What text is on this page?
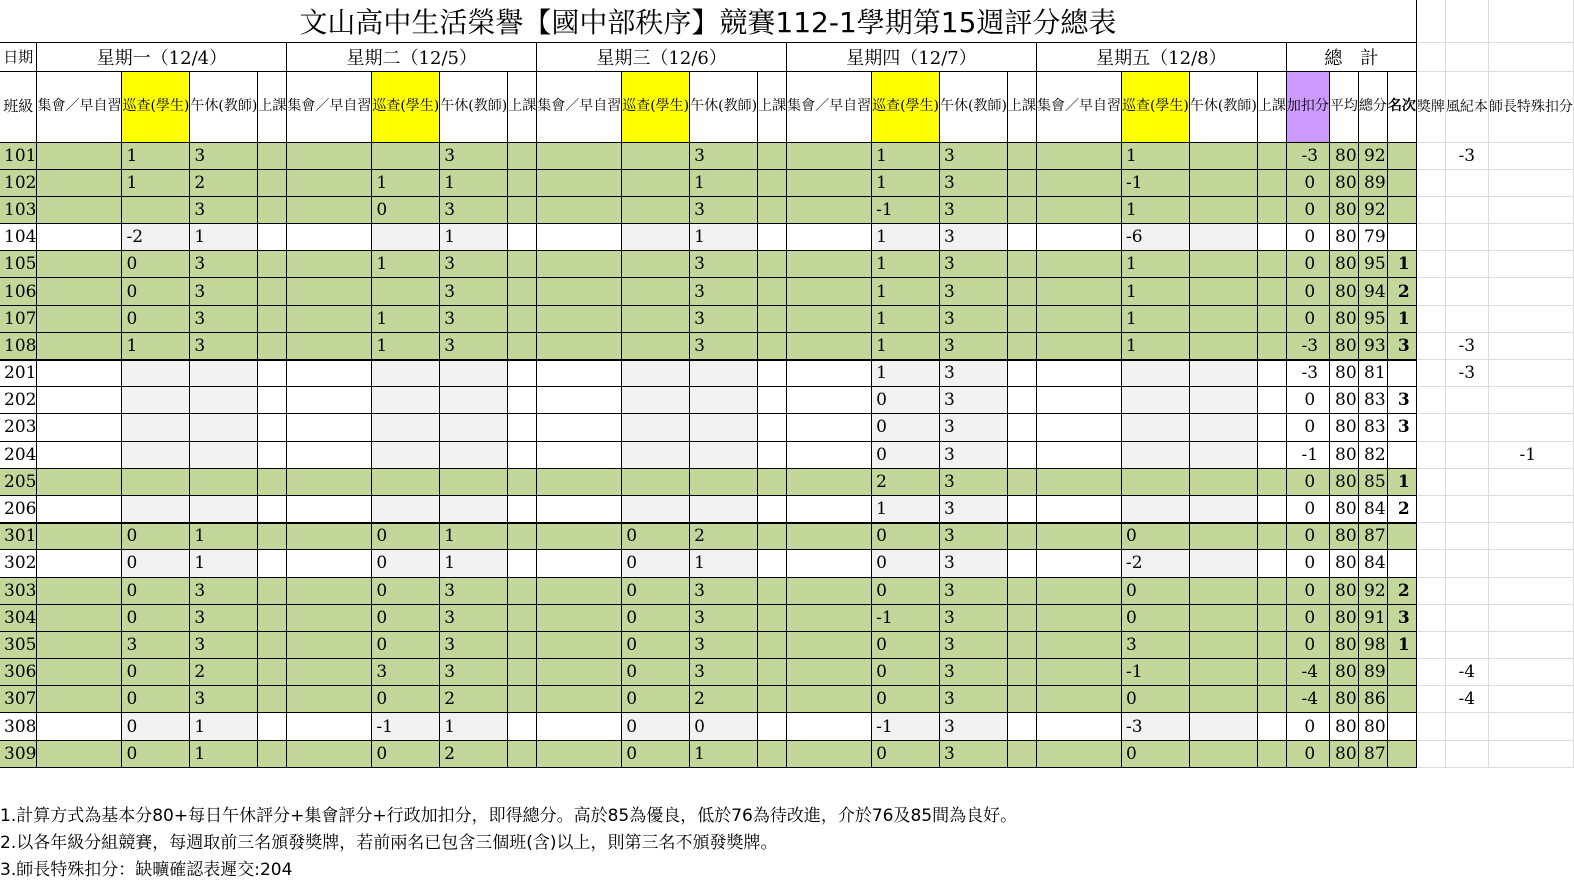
文山高中生活榮譽【國中部秩序】競賽112-1學期第15週評分總表																											
日期	星期一（12/4）				星期二（12/5）				星期三（12/6）				星期四（12/7）				星期五（12/8）				總　計						
班級	集會／早自習	巡查(學生)	午休(教師)	上課	集會／早自習	巡查(學生)	午休(教師)	上課	集會／早自習	巡查(學生)	午休(教師)	上課	集會／早自習	巡查(學生)	午休(教師)	上課	集會／早自習	巡查(學生)	午休(教師)	上課	加扣分	平均	總分	名次	獎牌	風紀本	師長特殊扣分
101		1	3				3				3			1	3			1			-3	80	92			-3	
102		1	2			1	1				1			1	3			-1			0	80	89				
103			3			0	3				3			-1	3			1			0	80	92				
104		-2	1				1				1			1	3			-6			0	80	79				
105		0	3			1	3				3			1	3			1			0	80	95	1			
106		0	3				3				3			1	3			1			0	80	94	2			
107		0	3			1	3				3			1	3			1			0	80	95	1			
108		1	3			1	3				3			1	3			1			-3	80	93	3		-3	
201														1	3						-3	80	81			-3	
202														0	3						0	80	83	3			
203														0	3						0	80	83	3			
204														0	3						-1	80	82				-1
205														2	3						0	80	85	1			
206														1	3						0	80	84	2			
301		0	1			0	1			0	2			0	3			0			0	80	87				
302		0	1			0	1			0	1			0	3			-2			0	80	84				
303		0	3			0	3			0	3			0	3			0			0	80	92	2			
304		0	3			0	3			0	3			-1	3			0			0	80	91	3			
305		3	3			0	3			0	3			0	3			3			0	80	98	1			
306		0	2			3	3			0	3			0	3			-1			-4	80	89			-4	
307		0	3			0	2			0	2			0	3			0			-4	80	86			-4	
308		0	1			-1	1			0	0			-1	3			-3			0	80	80				
309		0	1			0	2			0	1			0	3			0			0	80	87				
1.計算方式為基本分80+每日午休評分+集會評分+行政加扣分，即得總分。高於85為優良，低於76為待改進，介於76及85間為良好。
2.以各年級分組競賽，每週取前三名頒發獎牌，若前兩名已包含三個班(含)以上，則第三名不頒發獎牌。
3.師長特殊扣分：缺曠確認表遲交:204
